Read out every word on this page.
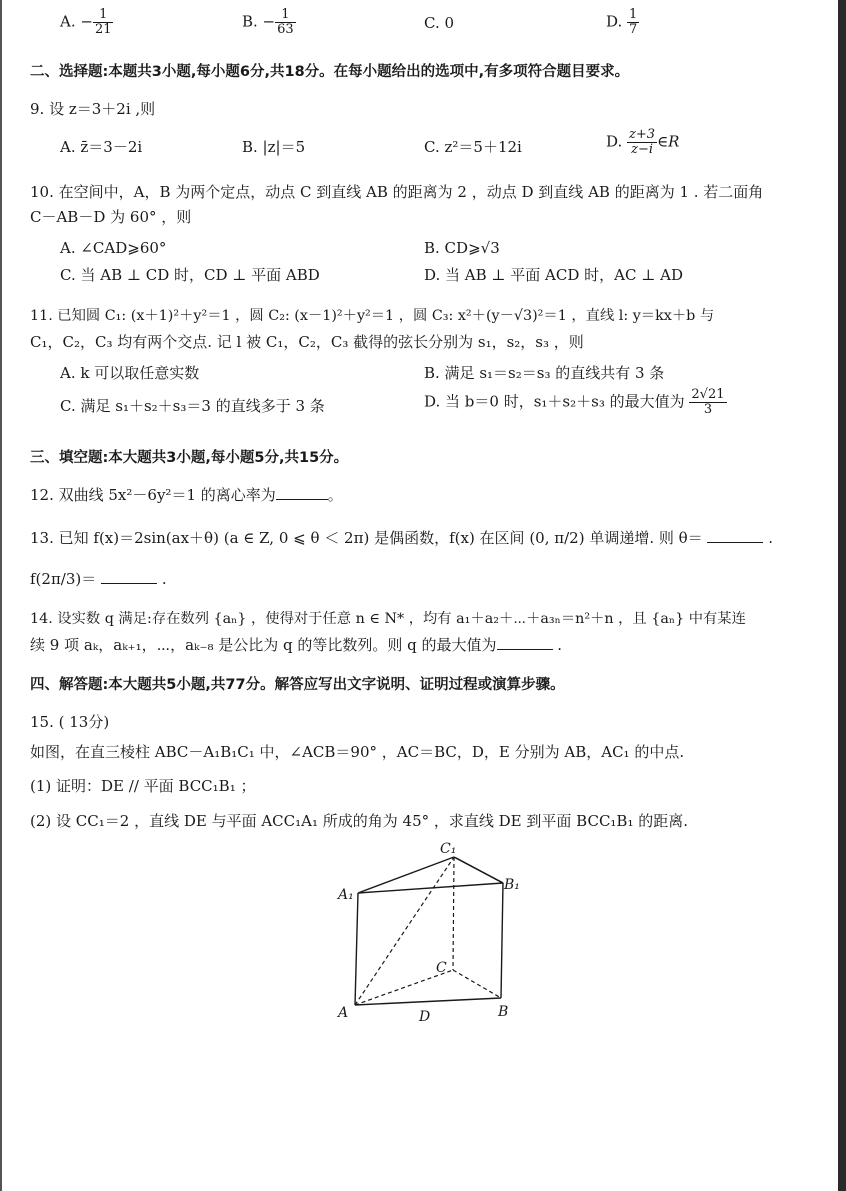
A. − $\frac{1}{21}$	B. − $\frac{1}{63}$	C. 0	D. $\frac{1}{7}$
二、选择题:本题共3小题,每小题6分,共18分。在每小题给出的选项中,有多项符合题目要求。
9. 设 z＝3＋2i ,则
A. z̄＝3－2i	B. |z|＝5	C. z²＝5＋12i	D. $\frac{z+3}{z-i}$ ∈R
10. 在空间中，A，B 为两个定点，动点 C 到直线 AB 的距离为 2 ，动点 D 到直线 AB 的距离为 1 . 若二面角
C－AB－D 为 60° ，则
A. ∠CAD⩾60°	B. CD⩾√3
C. 当 AB ⊥ CD 时，CD ⊥ 平面 ABD	D. 当 AB ⊥ 平面 ACD 时，AC ⊥ AD
11. 已知圆 C₁: (x＋1)²＋y²＝1 ，圆 C₂: (x－1)²＋y²＝1 ，圆 C₃: x²＋(y－√3)²＝1 ，直线 l: y＝kx＋b 与
C₁，C₂，C₃ 均有两个交点. 记 l 被 C₁，C₂，C₃ 截得的弦长分别为 s₁，s₂，s₃ ，则
A. k 可以取任意实数	B. 满足 s₁＝s₂＝s₃ 的直线共有 3 条
C. 满足 s₁＋s₂＋s₃＝3 的直线多于 3 条	D. 当 b＝0 时，s₁＋s₂＋s₃ 的最大值为 $\frac{2√21}{3}$
三、填空题:本大题共3小题,每小题5分,共15分。
12. 双曲线 5x²－6y²＝1 的离心率为	。
13. 已知 f(x)＝2sin(ax＋θ) (a ∈ Z, 0 ⩽ θ ＜ 2π) 是偶函数，f(x) 在区间 (0, π/2) 单调递增. 则 θ＝	.
f(2π/3)＝	.
14. 设实数 q 满足:存在数列 {aₙ} ，使得对于任意 n ∈ N* ，均有 a₁＋a₂＋⋯＋a₃ₙ＝n²＋n ，且 {aₙ} 中有某连
续 9 项 aₖ，aₖ₊₁，⋯，aₖ₋₈ 是公比为 q 的等比数列。则 q 的最大值为	.
四、解答题:本大题共5小题,共77分。解答应写出文字说明、证明过程或演算步骤。
15. ( 13分)
如图，在直三棱柱 ABC－A₁B₁C₁ 中，∠ACB＝90° ，AC＝BC，D，E 分别为 AB，AC₁ 的中点.
(1) 证明：DE // 平面 BCC₁B₁ ；
(2) 设 CC₁＝2 ，直线 DE 与平面 ACC₁A₁ 所成的角为 45° ，求直线 DE 到平面 BCC₁B₁ 的距离.
C₁
A₁
B₁
C
A	D	B
